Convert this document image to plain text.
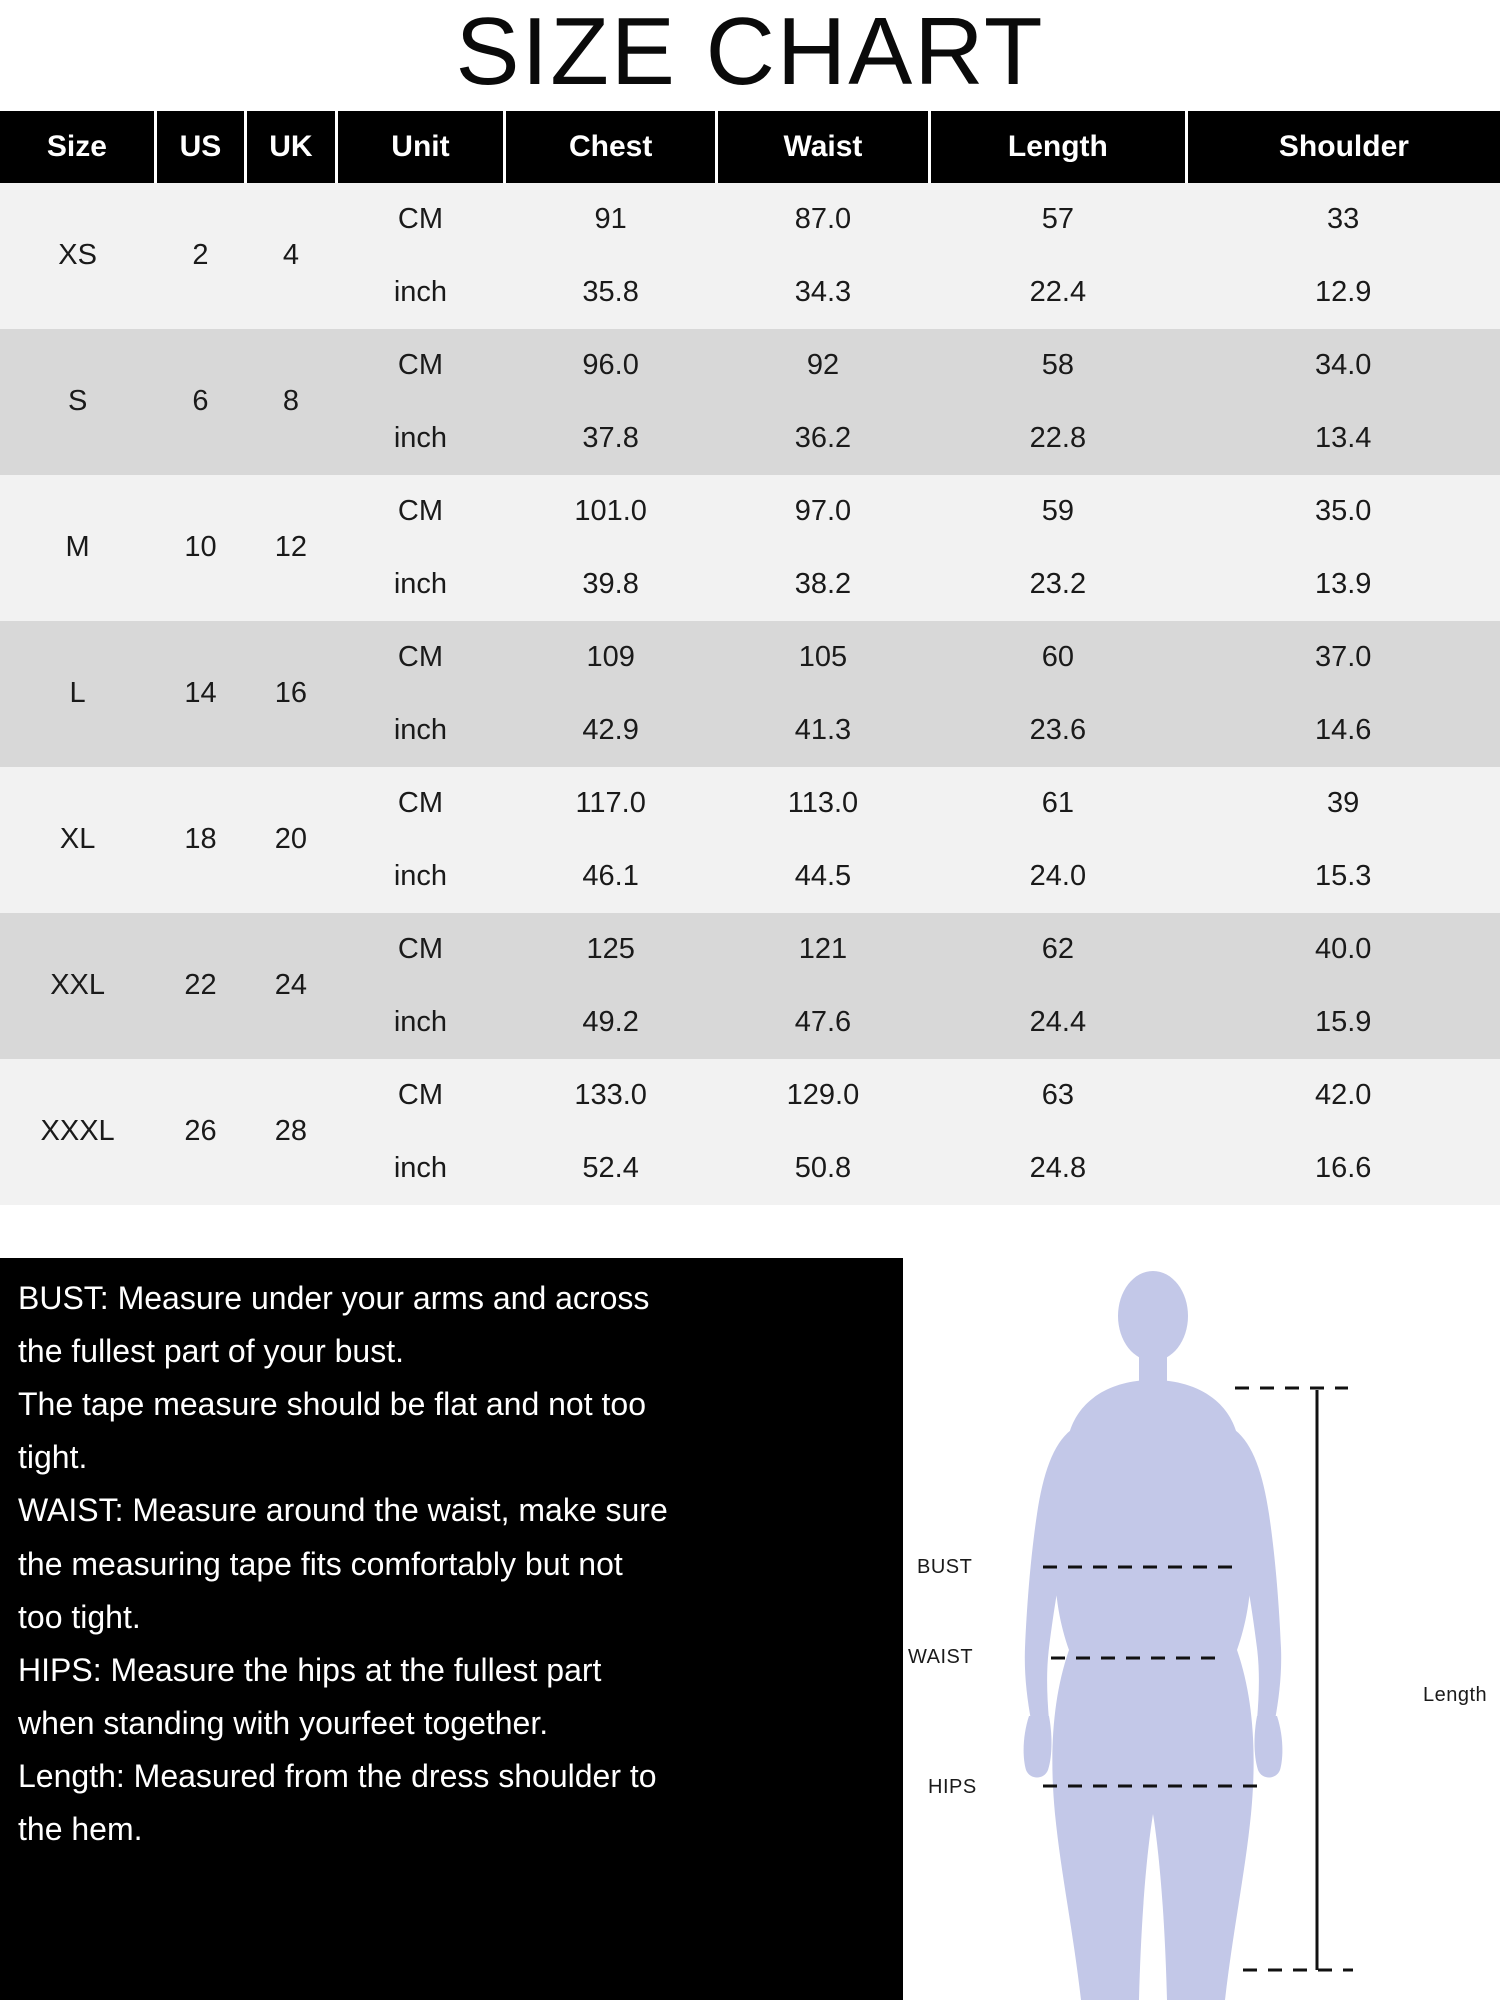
SIZE CHART
Size	US	UK	Unit	Chest	Waist	Length	Shoulder
XS	2	4	CM	91	87.0	57	33
			inch	35.8	34.3	22.4	12.9
S	6	8	CM	96.0	92	58	34.0
			inch	37.8	36.2	22.8	13.4
M	10	12	CM	101.0	97.0	59	35.0
			inch	39.8	38.2	23.2	13.9
L	14	16	CM	109	105	60	37.0
			inch	42.9	41.3	23.6	14.6
XL	18	20	CM	117.0	113.0	61	39
			inch	46.1	44.5	24.0	15.3
XXL	22	24	CM	125	121	62	40.0
			inch	49.2	47.6	24.4	15.9
XXXL	26	28	CM	133.0	129.0	63	42.0
			inch	52.4	50.8	24.8	16.6

BUST: Measure under your arms and across

the fullest part of your bust.

The tape measure should be flat and not too

tight.

WAIST: Measure around the waist, make sure

the measuring tape fits comfortably but not

too tight.

HIPS: Measure the hips at the fullest part

when standing with yourfeet together.

Length: Measured from the dress shoulder to

the hem.

BUST
WAIST
HIPS
Length
